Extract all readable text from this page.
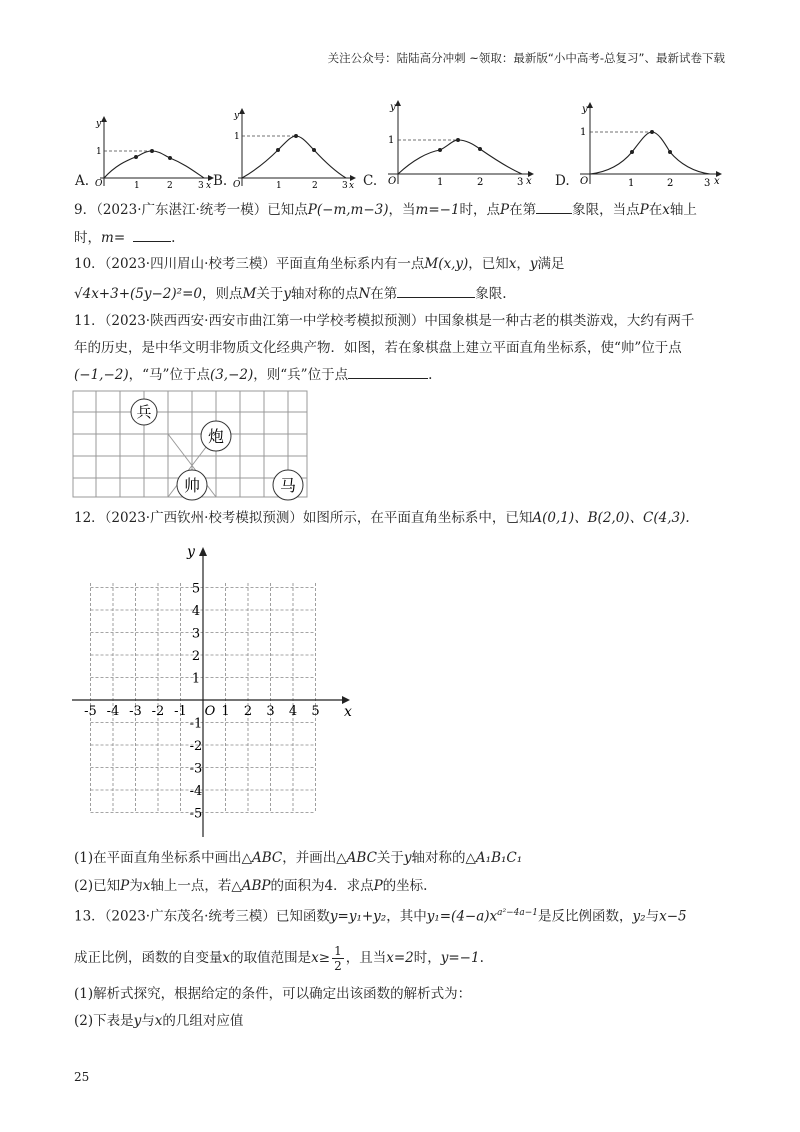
关注公众号：陆陆高分冲刺 ~领取：最新版“小中高考-总复习”、最新试卷下载
y
1
O	1	2	3 x
A.
y
1
O	1	2	3 x
B.
y
1
O	1	2	3 x
C.
y
1
O	1	2	3 x
D.
9．（2023·广东湛江·统考一模）已知点P(−m,m−3)，当m=−1时，点P在第	象限，当点P在x轴上
时，m=	.
10．（2023·四川眉山·校考三模）平面直角坐标系内有一点M(x,y)，已知x，y满足
√4x+3+(5y−2)²=0，则点M关于y轴对称的点N在第	象限.
11．（2023·陕西西安·西安市曲江第一中学校考模拟预测）中国象棋是一种古老的棋类游戏，大约有两千
年的历史，是中华文明非物质文化经典产物．如图，若在象棋盘上建立平面直角坐标系，使“帅”位于点
(−1,−2)，“马”位于点(3,−2)，则“兵”位于点	.
兵
炮
帅	马
12．（2023·广西钦州·校考模拟预测）如图所示，在平面直角坐标系中，已知A(0,1)、B(2,0)、C(4,3).
-5 -4 -3 -2 -1	1 2 3 4 5
5
4
3
2
1
-1
-2
-3
-4
-5
O	x
y
(1)在平面直角坐标系中画出△ABC，并画出△ABC关于y轴对称的△A₁B₁C₁
(2)已知P为x轴上一点，若△ABP的面积为4．求点P的坐标.
13．（2023·广东茂名·统考三模）已知函数y=y₁+y₂，其中$y_1=(4-a)x^{a^2-4a-1}$是反比例函数，y₂与x−5
成正比例，函数的自变量x的取值范围是$x\ge \frac{1}{2}$ ，且当x=2时，y=−1.
(1)解析式探究，根据给定的条件，可以确定出该函数的解析式为：
(2)下表是y与x的几组对应值
25
